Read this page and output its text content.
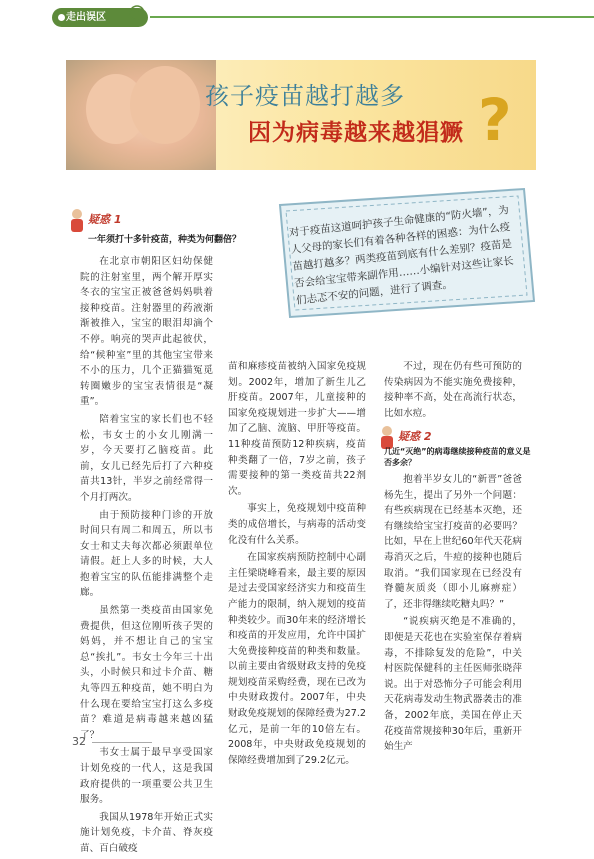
走出误区
孩子疫苗越打越多
因为病毒越来越猖獗 ?
对于疫苗这道呵护孩子生命健康的“防火墙”，为人父母的家长们有着各种各样的困惑：为什么疫苗越打越多？两类疫苗到底有什么差别？疫苗是否会给宝宝带来副作用……小编针对这些让家长们忐忑不安的问题，进行了调查。
疑惑 1
一年须打十多针疫苗，种类为何翻倍？

在北京市朝阳区妇幼保健院的注射室里，两个解开厚实冬衣的宝宝正被爸爸妈妈哄着接种疫苗。注射器里的药液渐渐被推入，宝宝的眼泪却滴个不停。响亮的哭声此起彼伏，给“候种室”里的其他宝宝带来不小的压力，几个正猫猫冤觅转圈嫩步的宝宝表情很是“凝重”。

陪着宝宝的家长们也不轻松，韦女士的小女儿刚满一岁，今天要打乙脑疫苗。此前，女儿已经先后打了六种疫苗共13针，半岁之前经常得一个月打两次。

由于预防接种门诊的开放时间只有周二和周五，所以韦女士和丈夫每次都必须跟单位请假。赶上人多的时候，大人抱着宝宝的队伍能排满整个走廊。

虽然第一类疫苗由国家免费提供，但这位刚听孩子哭的妈妈，并不想让自己的宝宝总“挨扎”。韦女士今年三十出头，小时候只和过卡介苗、糖丸等四五种疫苗，她不明白为什么现在要给宝宝打这么多疫苗？难道是病毒越来越凶猛了？

韦女士属于最早享受国家计划免疫的一代人，这是我国政府提供的一项重要公共卫生服务。

我国从1978年开始正式实施计划免疫，卡介苗、脊灰疫苗、百白破疫

苗和麻疹疫苗被纳入国家免疫规划。2002年，增加了新生儿乙肝疫苗。2007年，儿童接种的国家免疫规划进一步扩大——增加了乙脑、流脑、甲肝等疫苗。11种疫苗预防12种疾病，疫苗种类翻了一倍，7岁之前，孩子需要接种的第一类疫苗共22剂次。

事实上，免疫规划中疫苗种类的成倍增长，与病毒的活动变化没有什么关系。

在国家疾病预防控制中心副主任梁晓峰看来，最主要的原因是过去受国家经济实力和疫苗生产能力的限制，纳入规划的疫苗种类较少。而30年来的经济增长和疫苗的开发应用，允许中国扩大免费接种疫苗的种类和数量。以前主要由省级财政支持的免疫规划疫苗采购经费，现在已改为中央财政拨付。2007年，中央财政免疫规划的保障经费为27.2亿元，是前一年的10倍左右。2008年，中央财政免疫规划的保障经费增加到了29.2亿元。

不过，现在仍有些可预防的传染病因为不能实施免费接种，接种率不高，处在高流行状态，比如水痘。

疑惑 2
几近“灭绝”的病毒继续接种疫苗的意义是否多余？

抱着半岁女儿的“新晋”爸爸杨先生，提出了另外一个问题：有些疾病现在已经基本灭绝，还有继续给宝宝打疫苗的必要吗？比如，早在上世纪60年代天花病毒消灭之后，牛痘的接种也随后取消。“我们国家现在已经没有脊髓灰质炎（即小儿麻痹症）了，还非得继续吃糖丸吗？”

“说疾病灭绝是不准确的，即便是天花也在实验室保存着病毒，不排除复发的危险”，中关村医院保健科的主任医师张晓萍说。出于对恐怖分子可能会利用天花病毒发动生物武器袭击的准备，2002年底，美国在停止天花疫苗常规接种30年后，重新开始生产

32
